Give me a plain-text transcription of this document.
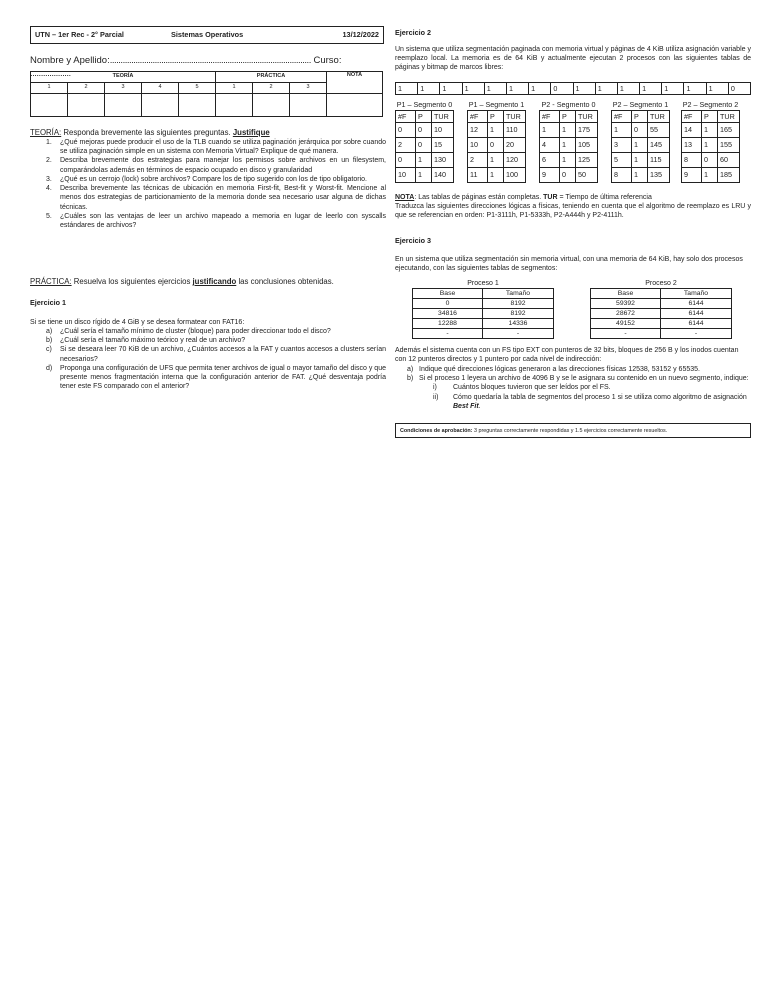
UTN – 1er Rec - 2° Parcial	Sistemas Operativos	13/12/2022
Nombre y Apellido:.............................................................................................. Curso: ...................	TEORÍA					PRÁCTICA			NOTA
1	2	3	4	5	1	2	3	

TEORÍA: Responda brevemente las siguientes preguntas. Justifique
1. ¿Qué mejoras puede producir el uso de la TLB cuando se utiliza paginación jerárquica por sobre cuando se utiliza paginación simple en un sistema con Memoria Virtual? Explique de qué manera.
2. Describa brevemente dos estrategias para manejar los permisos sobre archivos en un filesystem, comparándolas además en términos de espacio ocupado en disco y granularidad
3. ¿Qué es un cerrojo (lock) sobre archivos? Compare los de tipo sugerido con los de tipo obligatorio.
4. Describa brevemente las técnicas de ubicación en memoria First-fit, Best-fit y Worst-fit. Mencione al menos dos estrategias de particionamiento de la memoria donde sea necesario usar alguna de dichas técnicas.
5. ¿Cuáles son las ventajas de leer un archivo mapeado a memoria en lugar de leerlo con syscalls estándares de archivos?
PRÁCTICA: Resuelva los siguientes ejercicios justificando las conclusiones obtenidas.
Ejercicio 1
Si se tiene un disco rígido de 4 GiB y se desea formatear con FAT16:
a) ¿Cuál sería el tamaño mínimo de cluster (bloque) para poder direccionar todo el disco?
b) ¿Cuál sería el tamaño máximo teórico y real de un archivo?
c) Si se deseara leer 70 KiB de un archivo, ¿Cuántos accesos a la FAT y cuantos accesos a clusters serían necesarios?
d) Proponga una configuración de UFS que permita tener archivos de igual o mayor tamaño del disco y que presente menos fragmentación interna que la configuración anterior de FAT. ¿Qué desventaja podría tener este FS comparado con el anterior?
Ejercicio 2
Un sistema que utiliza segmentación paginada con memoria virtual y páginas de 4 KiB utiliza asignación variable y reemplazo local. La memoria es de 64 KiB y actualmente ejecutan 2 procesos con las siguientes tablas de páginas y bitmap de marcos libres:
1	1	1	1	1	1	1	0	1	1	1	1	1	1	1	0
P1 – Segmento 0
#F	P	TUR
0	0	10
2	0	15
0	1	130
10	1	140
P1 – Segmento 1
#F	P	TUR
12	1	110
10	0	20
2	1	120
11	1	100
P2 - Segmento 0
#F	P	TUR
1	1	175
4	1	105
6	1	125
9	0	50
P2 – Segmento 1
#F	P	TUR
1	0	55
3	1	145
5	1	115
8	1	135
P2 – Segmento 2
#F	P	TUR
14	1	165
13	1	155
8	0	60
9	1	185
NOTA: Las tablas de páginas están completas. TUR = Tiempo de última referencia
Traduzca las siguientes direcciones lógicas a físicas, teniendo en cuenta que el algoritmo de reemplazo es LRU y que se referencian en orden: P1-3111h, P1-5333h, P2-A444h y P2-4111h.
Ejercicio 3
En un sistema que utiliza segmentación sin memoria virtual, con una memoria de 64 KiB, hay solo dos procesos ejecutando, con las siguientes tablas de segmentos:
Proceso 1
Base	Tamaño
0	8192
34816	8192
12288	14336
-	-
Proceso 2
Base	Tamaño
59392	6144
28672	6144
49152	6144
-	-
Además el sistema cuenta con un FS tipo EXT con punteros de 32 bits, bloques de 256 B y los inodos cuentan con 12 punteros directos y 1 puntero por cada nivel de indirección:
a) Indique qué direcciones lógicas generaron a las direcciones físicas 12538, 53152 y 65535.
b) Si el proceso 1 leyera un archivo de 4096 B y se le asignara su contenido en un nuevo segmento, indique:
i) Cuántos bloques tuvieron que ser leídos por el FS.
ii) Cómo quedaría la tabla de segmentos del proceso 1 si se utiliza como algoritmo de asignación Best Fit.
Condiciones de aprobación: 3 preguntas correctamente respondidas y 1.5 ejercicios correctamente resueltos.
